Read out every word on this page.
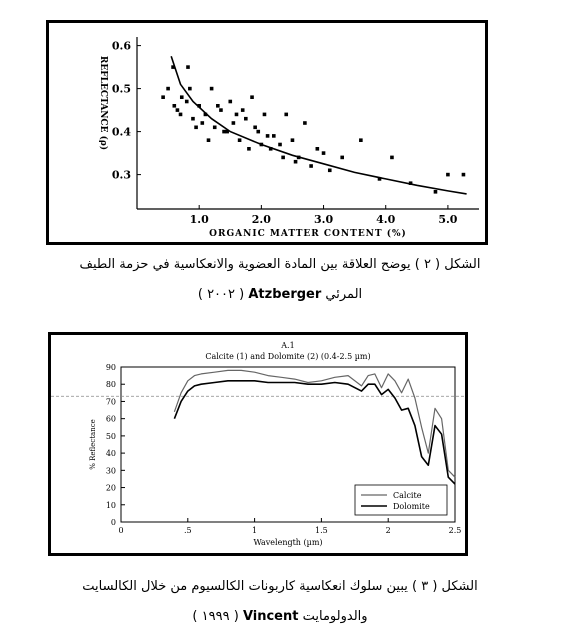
1.0	2.0	3.0	4.0	5.0
0.6
0.5
0.4
0.3
ORGANIC MATTER CONTENT (%)
REFLECTANCE (ρ)
الشكل ( ٢ ) يوضح العلاقة بين المادة العضوية والانعكاسية في حزمة الطيف
المرئي Atzberger ( ٢٠٠٢ )
A.1
Calcite (1) and Dolomite (2) (0.4-2.5 µm)
0	.5	1	1.5	2	2.5
0
10
20
30
40
50
60
70
80
90
Wavelength (µm)
% Reflectance
Calcite
Dolomite
الشكل ( ٣ ) يبين سلوك انعكاسية كاربونات الكالسيوم من خلال الكالسايت
والدولومايت Vincent ( ١٩٩٩ )
